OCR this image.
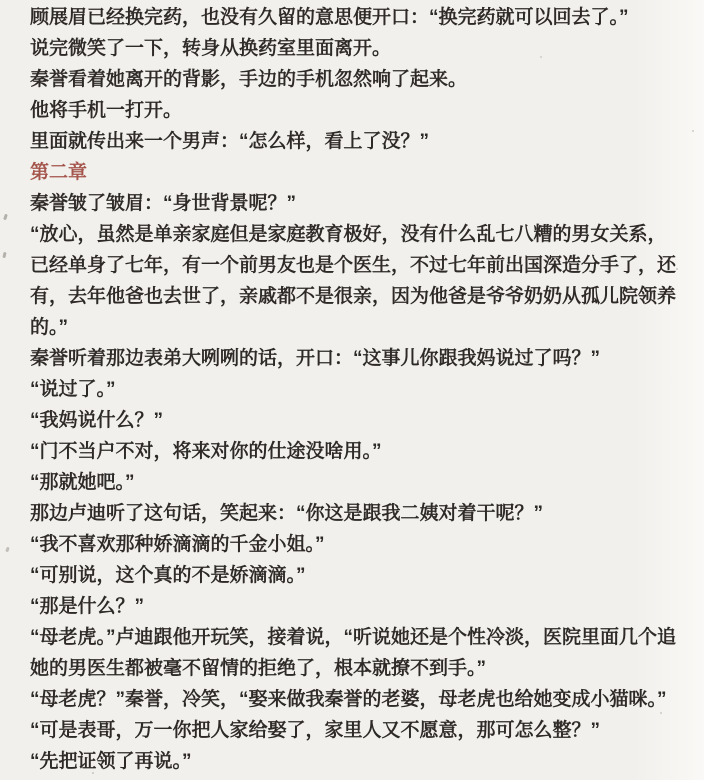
顾展眉已经换完药，也没有久留的意思便开口：“换完药就可以回去了。”

说完微笑了一下，转身从换药室里面离开。

秦誉看着她离开的背影，手边的手机忽然响了起来。

他将手机一打开。

里面就传出来一个男声：“怎么样，看上了没？”

第二章

秦誉皱了皱眉：“身世背景呢？”

“放心，虽然是单亲家庭但是家庭教育极好，没有什么乱七八糟的男女关系，已经单身了七年，有一个前男友也是个医生，不过七年前出国深造分手了，还有，去年他爸也去世了，亲戚都不是很亲，因为他爸是爷爷奶奶从孤儿院领养的。”

秦誉听着那边表弟大咧咧的话，开口：“这事儿你跟我妈说过了吗？”

“说过了。”

“我妈说什么？”

“门不当户不对，将来对你的仕途没啥用。”

“那就她吧。”

那边卢迪听了这句话，笑起来：“你这是跟我二姨对着干呢？”

“我不喜欢那种娇滴滴的千金小姐。”

“可别说，这个真的不是娇滴滴。”

“那是什么？”

“母老虎。”卢迪跟他开玩笑，接着说，“听说她还是个性冷淡，医院里面几个追她的男医生都被毫不留情的拒绝了，根本就撩不到手。”

“母老虎？”秦誉，冷笑，“娶来做我秦誉的老婆，母老虎也给她变成小猫咪。”

“可是表哥，万一你把人家给娶了，家里人又不愿意，那可怎么整？”

“先把证领了再说。”
